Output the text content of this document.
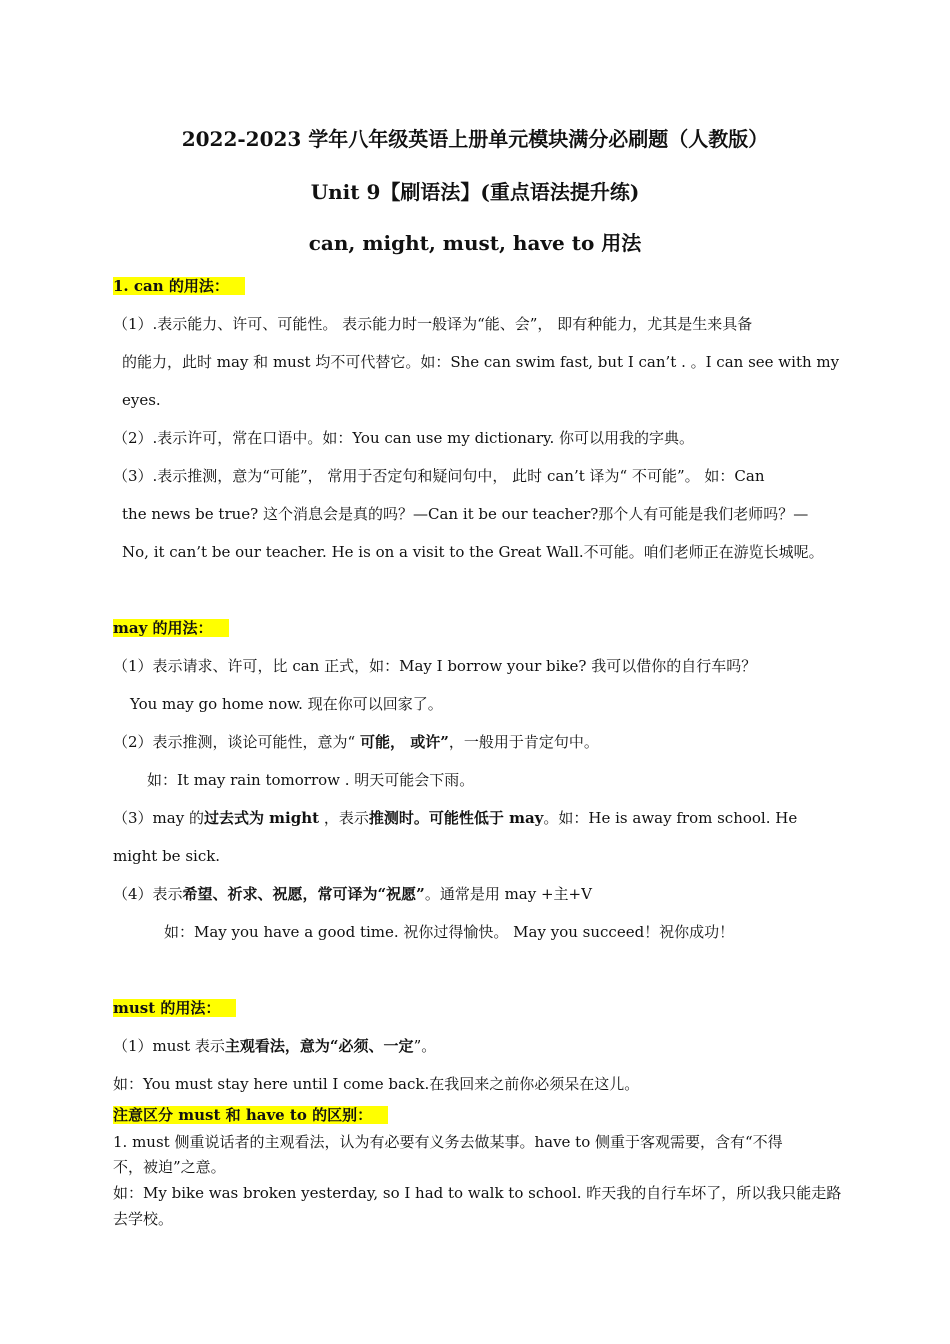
2022-2023 学年八年级英语上册单元模块满分必刷题（人教版）
Unit 9【刷语法】(重点语法提升练)
can, might, must, have to 用法
1. can 的用法：
（1）.表示能力、许可、可能性。 表示能力时一般译为“能、会”， 即有种能力，尤其是生来具备
的能力，此时 may 和 must 均不可代替它。如：She can swim fast, but I can’t . 。I can see with my
eyes.
（2）.表示许可，常在口语中。如：You can use my dictionary. 你可以用我的字典。
（3）.表示推测，意为“可能”， 常用于否定句和疑问句中， 此时 can’t 译为“ 不可能”。 如：Can
the news be true? 这个消息会是真的吗？—Can it be our teacher?那个人有可能是我们老师吗？—
No, it can’t be our teacher. He is on a visit to the Great Wall.不可能。咱们老师正在游览长城呢。
may 的用法：
（1）表示请求、许可，比 can 正式，如：May I borrow your bike? 我可以借你的自行车吗？
You may go home now. 现在你可以回家了。
（2）表示推测，谈论可能性，意为“ 可能， 或许”，一般用于肯定句中。
如：It may rain tomorrow . 明天可能会下雨。
（3）may 的过去式为 might ，表示推测时。可能性低于 may。如：He is away from school. He
might be sick.
（4）表示希望、祈求、祝愿，常可译为“祝愿”。通常是用 may +主+V
如：May you have a good time. 祝你过得愉快。 May you succeed！祝你成功！
must 的用法：
（1）must 表示主观看法，意为“必须、一定”。
如：You must stay here until I come back.在我回来之前你必须呆在这儿。
注意区分 must 和 have to 的区别：
1. must 侧重说话者的主观看法，认为有必要有义务去做某事。have to 侧重于客观需要，含有“不得
不，被迫”之意。
如：My bike was broken yesterday, so I had to walk to school. 昨天我的自行车坏了，所以我只能走路
去学校。
